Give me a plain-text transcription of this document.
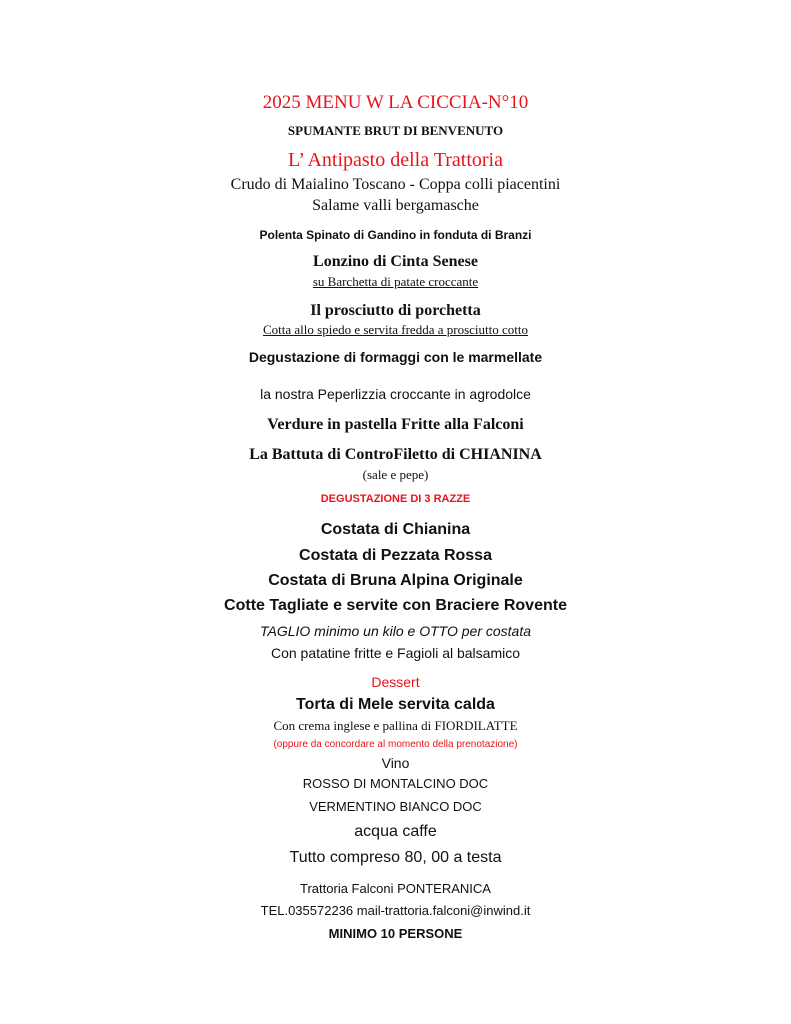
2025 MENU W LA CICCIA-N°10
SPUMANTE BRUT DI BENVENUTO
L’ Antipasto della Trattoria
Crudo di Maialino Toscano - Coppa colli piacentini
Salame valli bergamasche
Polenta Spinato di Gandino in fonduta di Branzi
Lonzino di Cinta Senese
su Barchetta di patate croccante
Il prosciutto di porchetta
Cotta allo spiedo e servita fredda a prosciutto cotto
Degustazione di formaggi con le marmellate
la nostra Peperlizzia croccante in agrodolce
Verdure in pastella Fritte alla Falconi
La Battuta di ControFiletto di CHIANINA
(sale e pepe)
DEGUSTAZIONE DI 3 RAZZE
Costata di Chianina
Costata di Pezzata Rossa
Costata di Bruna Alpina Originale
Cotte Tagliate e servite con Braciere Rovente
TAGLIO minimo un kilo e OTTO per costata
Con patatine fritte e Fagioli al balsamico
Dessert
Torta di Mele servita calda
Con crema inglese e pallina di FIORDILATTE
(oppure da concordare al momento della prenotazione)
Vino
ROSSO DI MONTALCINO DOC
VERMENTINO BIANCO DOC
acqua caffe
Tutto compreso 80, 00 a testa
Trattoria Falconi PONTERANICA
TEL.035572236 mail-trattoria.falconi@inwind.it
MINIMO 10 PERSONE
